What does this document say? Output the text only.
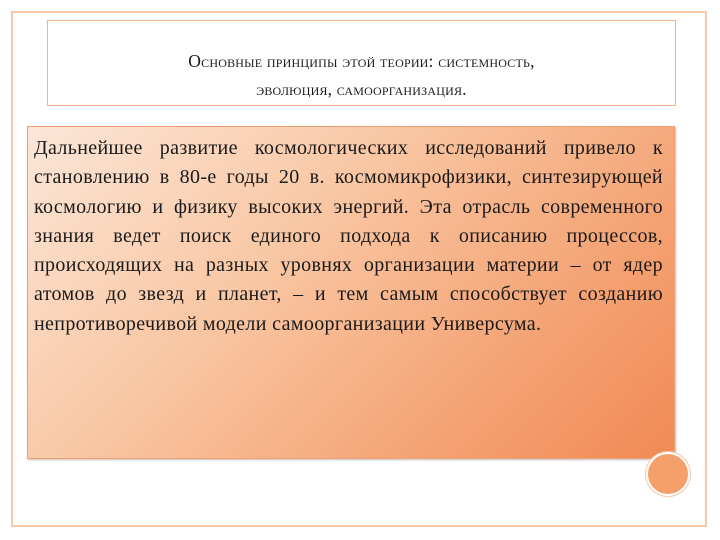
Основные принципы этой теории: системность,
эволюция, самоорганизация.

Дальнейшее развитие космологических исследований привело к становлению в 80-е годы 20 в. космомикрофизики, синтезирующей космологию и физику высоких энергий. Эта отрасль современного знания ведет поиск единого подхода к описанию процессов, происходящих на разных уровнях организации материи – от ядер атомов до звезд и планет, – и тем самым способствует созданию непротиворечивой модели самоорганизации Универсума.
